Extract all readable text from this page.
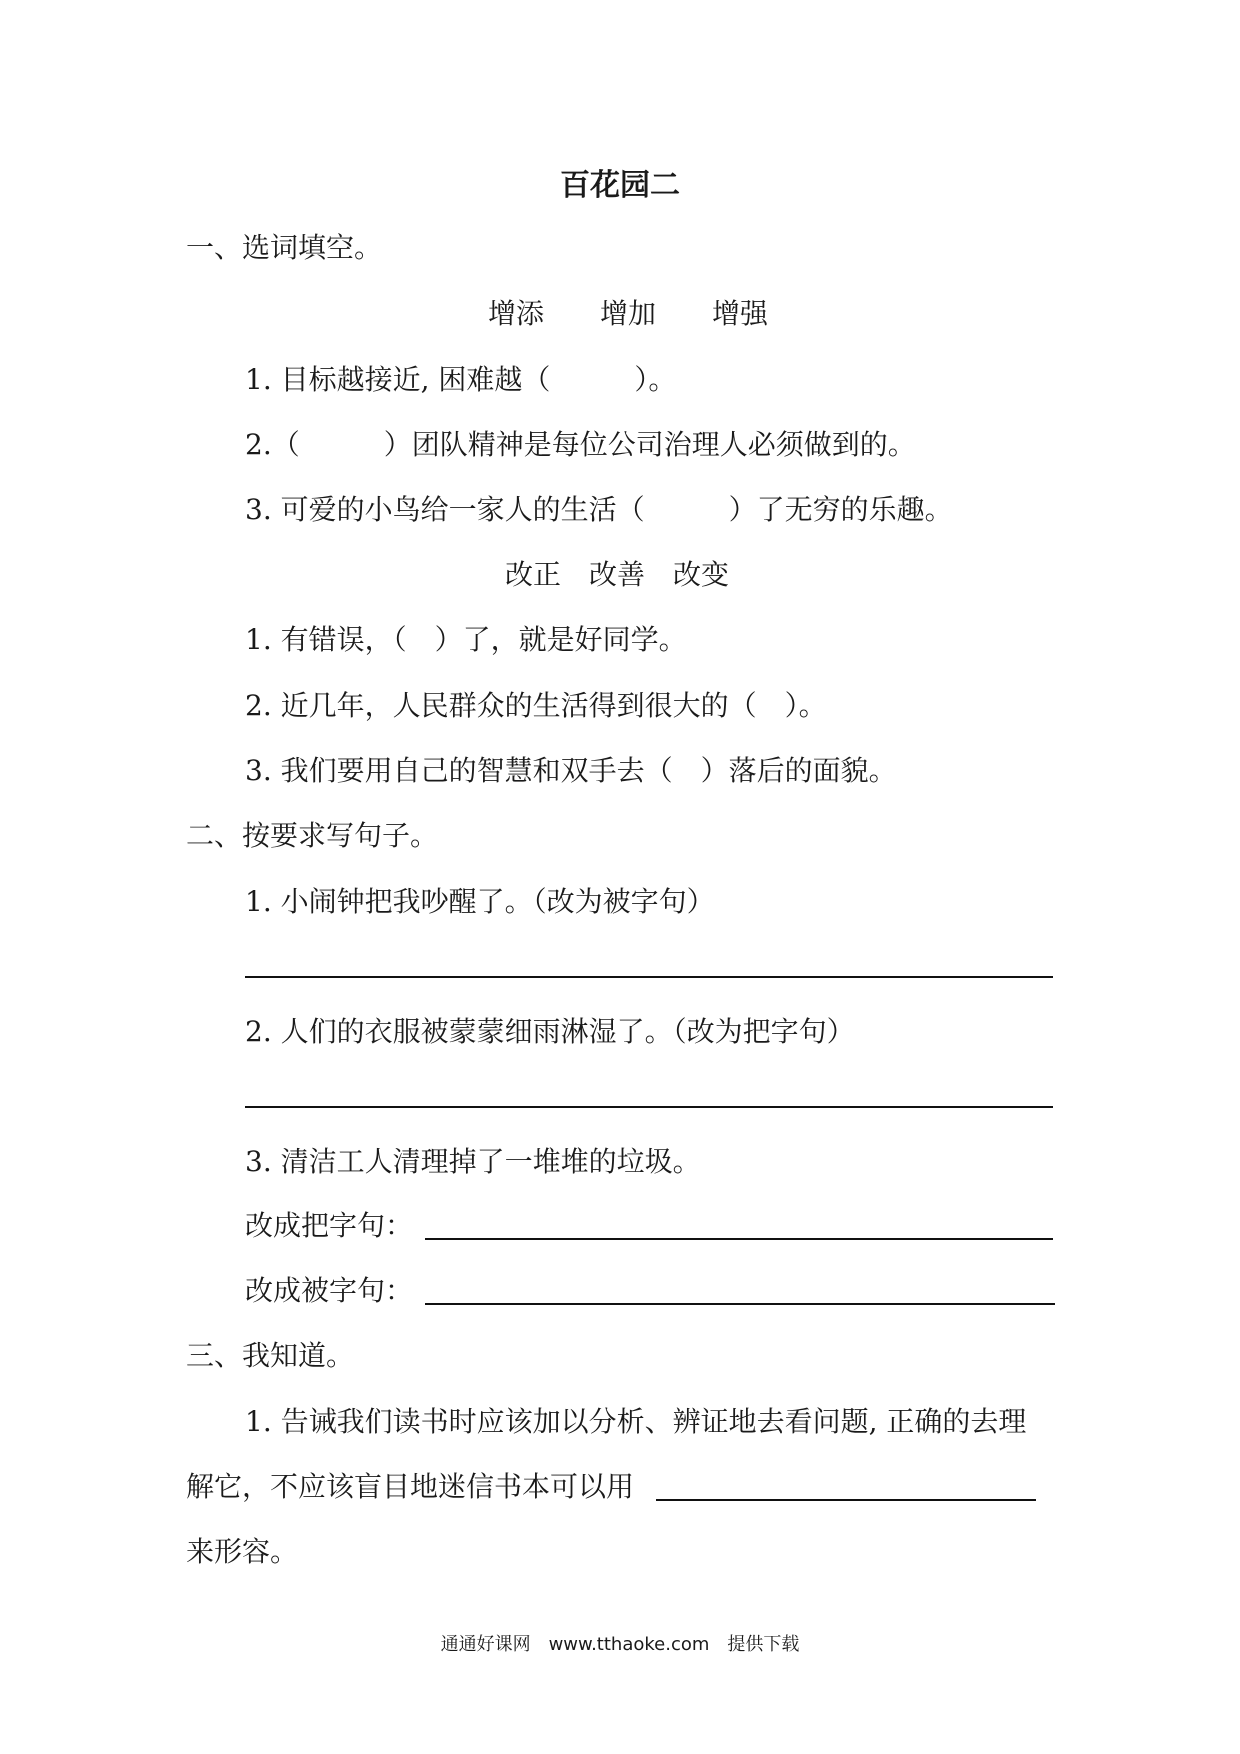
百花园二
一、选词填空。
增添　　增加　　增强
1. 目标越接近, 困难越（　　　）。
2.（　　　）团队精神是每位公司治理人必须做到的。
3. 可爱的小鸟给一家人的生活（　　　）了无穷的乐趣。
改正　改善　改变
1. 有错误，（　）了，就是好同学。
2. 近几年，人民群众的生活得到很大的（　）。
3. 我们要用自己的智慧和双手去（　）落后的面貌。
二、按要求写句子。
1. 小闹钟把我吵醒了。（改为被字句）
2. 人们的衣服被蒙蒙细雨淋湿了。（改为把字句）
3. 清洁工人清理掉了一堆堆的垃圾。
改成把字句：
改成被字句：
三、我知道。
1. 告诫我们读书时应该加以分析、辨证地去看问题, 正确的去理
解它，不应该盲目地迷信书本可以用
来形容。
通通好课网　www.tthaoke.com　提供下载
